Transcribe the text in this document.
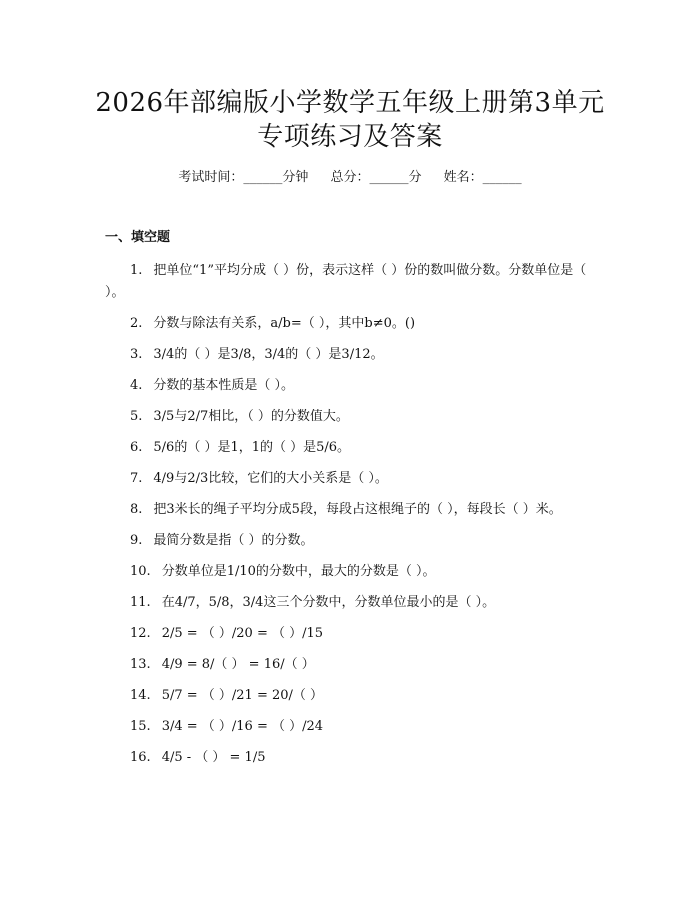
2026年部编版小学数学五年级上册第3单元
专项练习及答案
考试时间：______分钟 总分：______分 姓名：______
一、填空题
1. 把单位“1”平均分成（ ）份，表示这样（ ）份的数叫做分数。分数单位是（ ）。
2. 分数与除法有关系，a/b=（ ），其中b≠0。()
3. 3/4的（ ）是3/8，3/4的（ ）是3/12。
4. 分数的基本性质是（ ）。
5. 3/5与2/7相比，（ ）的分数值大。
6. 5/6的（ ）是1，1的（ ）是5/6。
7. 4/9与2/3比较，它们的大小关系是（ ）。
8. 把3米长的绳子平均分成5段，每段占这根绳子的（ ），每段长（ ）米。
9. 最简分数是指（ ）的分数。
10. 分数单位是1/10的分数中，最大的分数是（ ）。
11. 在4/7，5/8，3/4这三个分数中，分数单位最小的是（ ）。
12. 2/5 = （ ）/20 = （ ）/15
13. 4/9 = 8/（ ） = 16/（ ）
14. 5/7 = （ ）/21 = 20/（ ）
15. 3/4 = （ ）/16 = （ ）/24
16. 4/5 - （ ） = 1/5
